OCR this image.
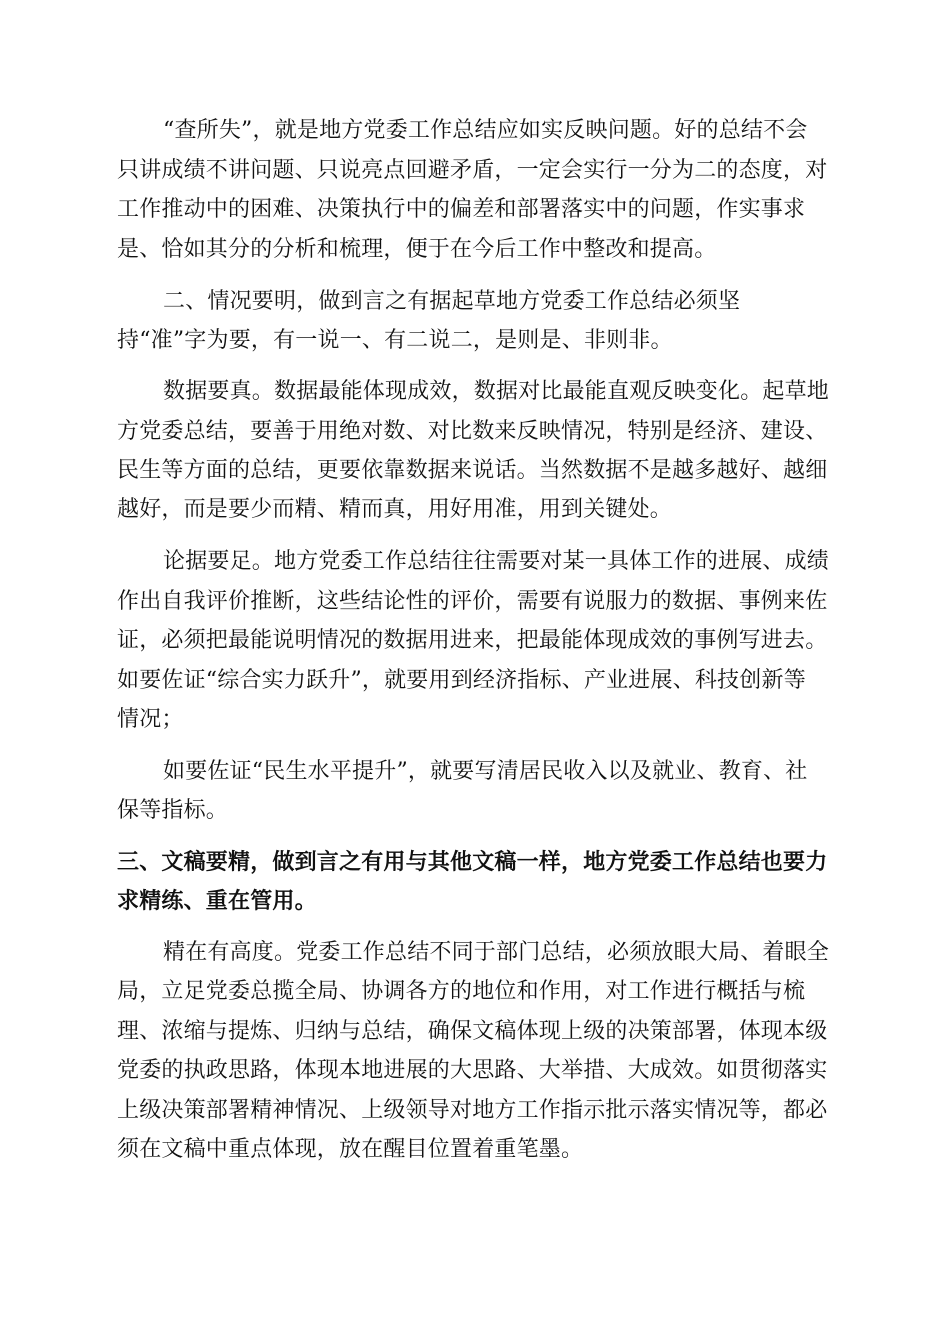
“查所失”，就是地方党委工作总结应如实反映问题。好的总结不会
只讲成绩不讲问题、只说亮点回避矛盾，一定会实行一分为二的态度，对
工作推动中的困难、决策执行中的偏差和部署落实中的问题，作实事求
是、恰如其分的分析和梳理，便于在今后工作中整改和提高。
二、情况要明，做到言之有据起草地方党委工作总结必须坚
持“准”字为要，有一说一、有二说二，是则是、非则非。
数据要真。数据最能体现成效，数据对比最能直观反映变化。起草地
方党委总结，要善于用绝对数、对比数来反映情况，特别是经济、建设、
民生等方面的总结，更要依靠数据来说话。当然数据不是越多越好、越细
越好，而是要少而精、精而真，用好用准，用到关键处。
论据要足。地方党委工作总结往往需要对某一具体工作的进展、成绩
作出自我评价推断，这些结论性的评价，需要有说服力的数据、事例来佐
证，必须把最能说明情况的数据用进来，把最能体现成效的事例写进去。
如要佐证“综合实力跃升”，就要用到经济指标、产业进展、科技创新等
情况；
如要佐证“民生水平提升”，就要写清居民收入以及就业、教育、社
保等指标。
三、文稿要精，做到言之有用与其他文稿一样，地方党委工作总结也要力
求精练、重在管用。
精在有高度。党委工作总结不同于部门总结，必须放眼大局、着眼全
局，立足党委总揽全局、协调各方的地位和作用，对工作进行概括与梳
理、浓缩与提炼、归纳与总结，确保文稿体现上级的决策部署，体现本级
党委的执政思路，体现本地进展的大思路、大举措、大成效。如贯彻落实
上级决策部署精神情况、上级领导对地方工作指示批示落实情况等，都必
须在文稿中重点体现，放在醒目位置着重笔墨。
